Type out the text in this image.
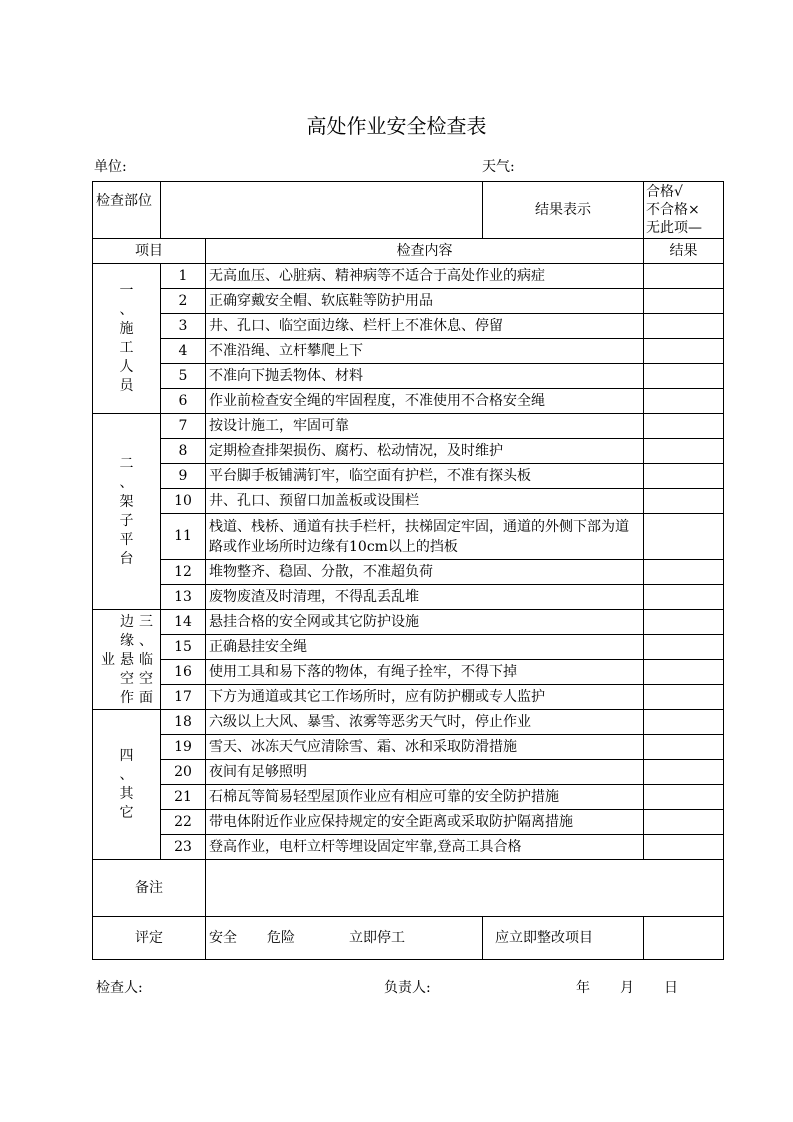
高处作业安全检查表
单位:	天气:
检查部位			结果表示	合格√
不合格×
无此项—

项目		检查内容		结果

一
、
施
工
人
员
	1	无高血压、心脏病、精神病等不适合于高处作业的病症	
	2	正确穿戴安全帽、软底鞋等防护用品		
	3	井、孔口、临空面边缘、栏杆上不准休息、停留		
	4	不准沿绳、立杆攀爬上下		
	5	不准向下抛丢物体、材料		
	6	作业前检查安全绳的牢固程度，不准使用不合格安全绳		

二
、
架
子
平
台
	7	按设计施工，牢固可靠	
	8	定期检查排架损伤、腐朽、松动情况，及时维护		
	9	平台脚手板铺满钉牢，临空面有护栏，不准有探头板		
	10	井、孔口、预留口加盖板或设围栏		
	11	栈道、栈桥、通道有扶手栏杆，扶梯固定牢固，通道的外侧下部为道路或作业场所时边缘有10cm以上的挡板		
	12	堆物整齐、稳固、分散，不准超负荷		
	13	废物废渣及时清理，不得乱丢乱堆		

三
、
临
空
面
边
缘
悬
空
作
业
	14	悬挂合格的安全网或其它防护设施	
	15	正确悬挂安全绳		
	16	使用工具和易下落的物体，有绳子拴牢，不得下掉		
	17	下方为通道或其它工作场所时，应有防护棚或专人监护		

四
、
其
它	18	六级以上大风、暴雪、浓雾等恶劣天气时，停止作业		
	19	雪天、冰冻天气应清除雪、霜、冰和采取防滑措施		
	20	夜间有足够照明		
	21	石棉瓦等简易轻型屋顶作业应有相应可靠的安全防护措施		
	22	带电体附近作业应保持规定的安全距离或采取防护隔离措施		
	23	登高作业，电杆立杆等埋设固定牢靠,登高工具合格		
备注				
评定		安全 危险 立即停工	应立即整改项目	
检查人:	负责人:	年 月 日
